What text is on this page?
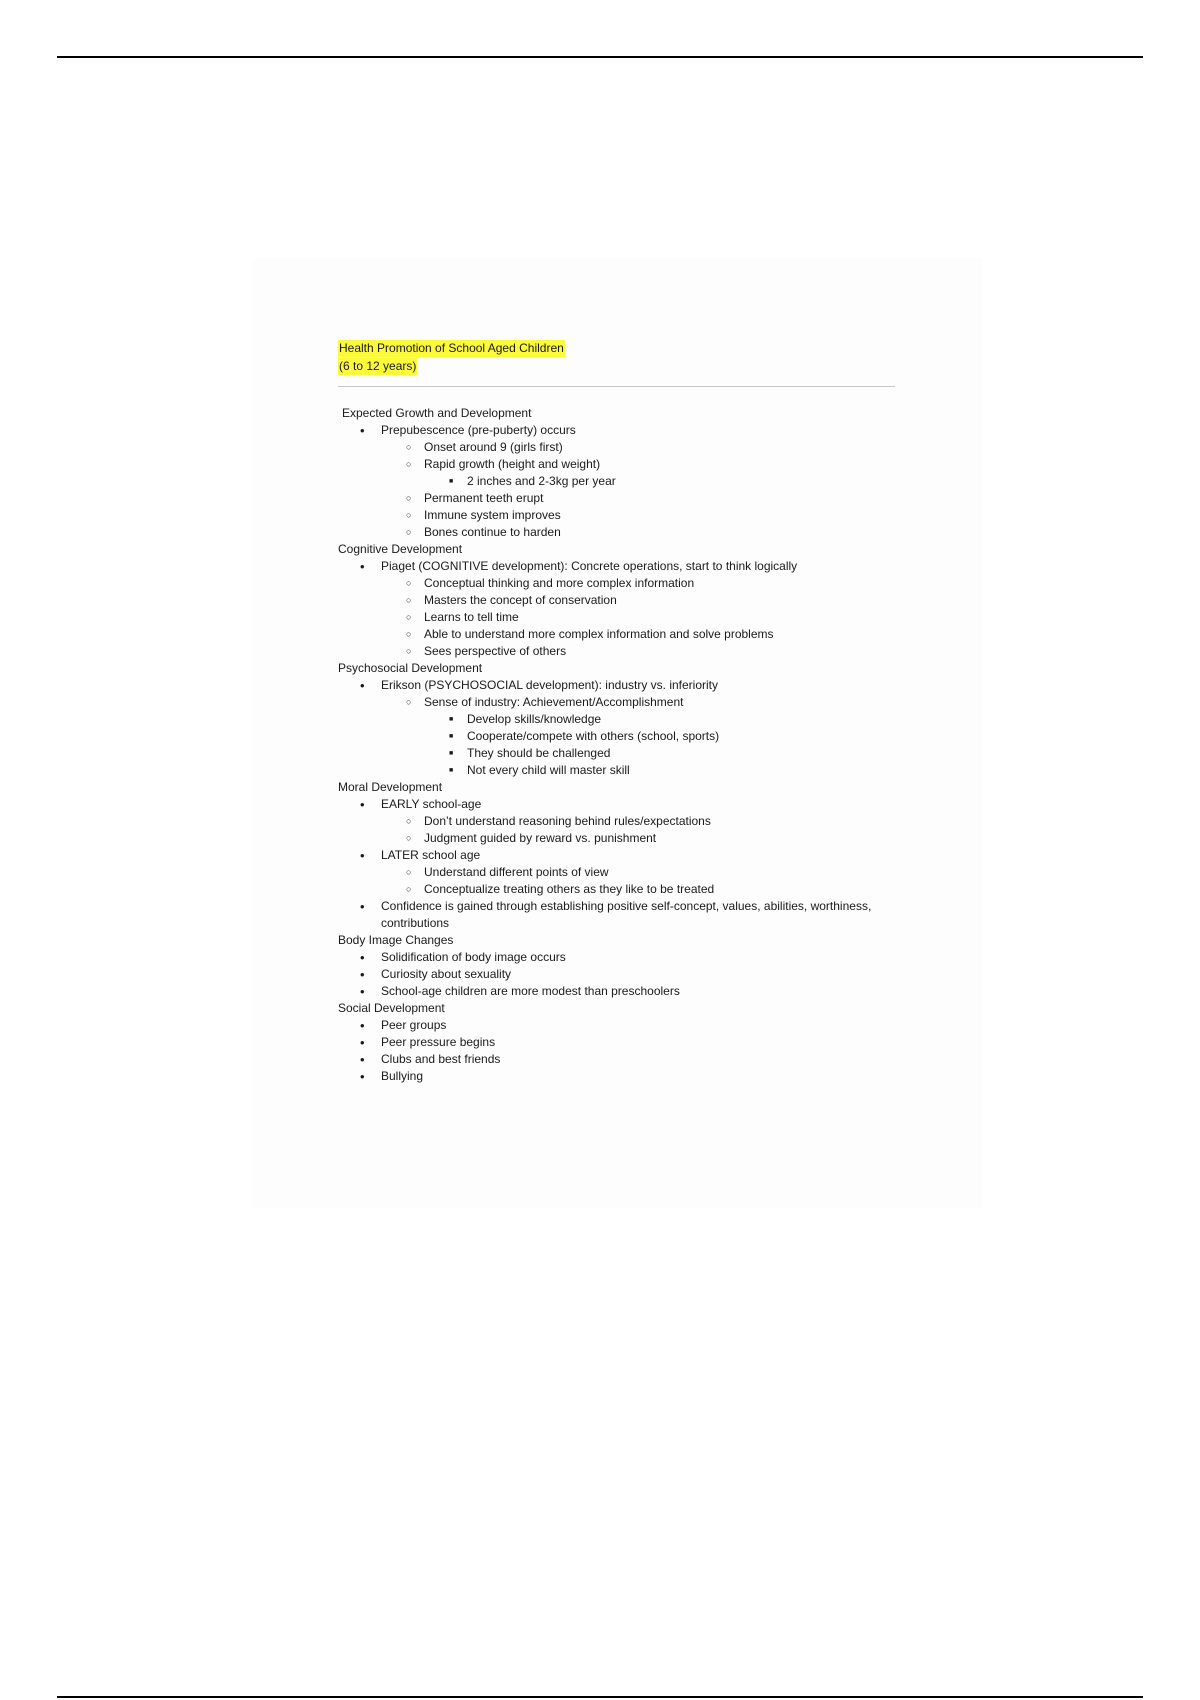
Health Promotion of School Aged Children
(6 to 12 years)
Expected Growth and Development
• Prepubescence (pre-puberty) occurs
○ Onset around 9 (girls first)
○ Rapid growth (height and weight)
■ 2 inches and 2-3kg per year
○ Permanent teeth erupt
○ Immune system improves
○ Bones continue to harden
Cognitive Development
• Piaget (COGNITIVE development): Concrete operations, start to think logically
○ Conceptual thinking and more complex information
○ Masters the concept of conservation
○ Learns to tell time
○ Able to understand more complex information and solve problems
○ Sees perspective of others
Psychosocial Development
• Erikson (PSYCHOSOCIAL development): industry vs. inferiority
○ Sense of industry: Achievement/Accomplishment
■ Develop skills/knowledge
■ Cooperate/compete with others (school, sports)
■ They should be challenged
■ Not every child will master skill
Moral Development
• EARLY school-age
○ Don’t understand reasoning behind rules/expectations
○ Judgment guided by reward vs. punishment
• LATER school age
○ Understand different points of view
○ Conceptualize treating others as they like to be treated
• Confidence is gained through establishing positive self-concept, values, abilities, worthiness, contributions
Body Image Changes
• Solidification of body image occurs
• Curiosity about sexuality
• School-age children are more modest than preschoolers
Social Development
• Peer groups
• Peer pressure begins
• Clubs and best friends
• Bullying
